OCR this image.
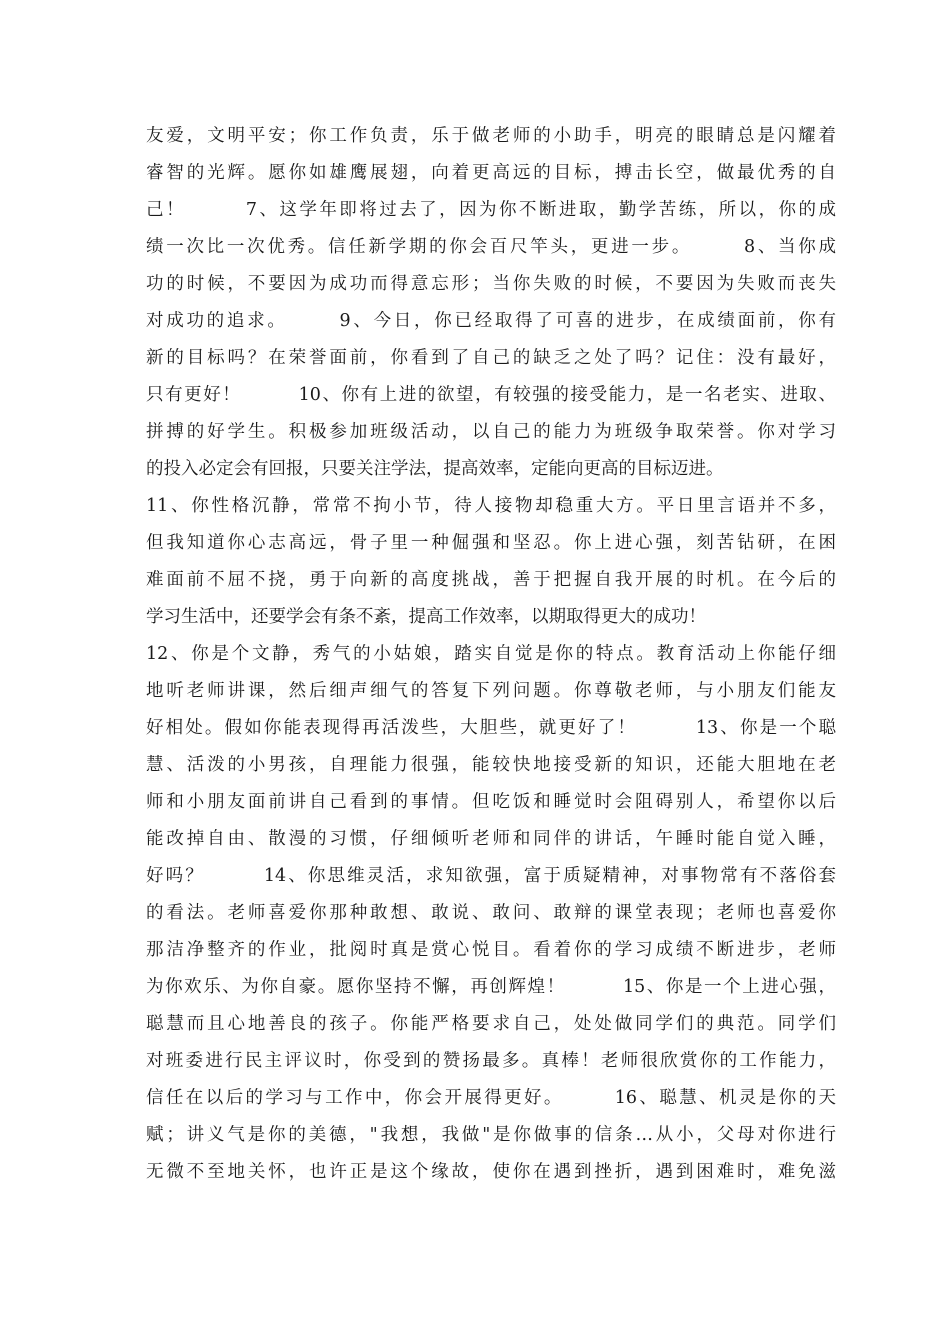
友爱，文明平安；你工作负责，乐于做老师的小助手，明亮的眼睛总是闪耀着
睿智的光辉。愿你如雄鹰展翅，向着更高远的目标，搏击长空，做最优秀的自
己！　　　7、这学年即将过去了，因为你不断进取，勤学苦练，所以，你的成
绩一次比一次优秀。信任新学期的你会百尺竿头，更进一步。　　　8、当你成
功的时候，不要因为成功而得意忘形；当你失败的时候，不要因为失败而丧失
对成功的追求。　　　9、今日，你已经取得了可喜的进步，在成绩面前，你有
新的目标吗？在荣誉面前，你看到了自己的缺乏之处了吗？记住：没有最好，
只有更好！　　　10、你有上进的欲望，有较强的接受能力，是一名老实、进取、
拼搏的好学生。积极参加班级活动，以自己的能力为班级争取荣誉。你对学习
的投入必定会有回报，只要关注学法，提高效率，定能向更高的目标迈进。
11、你性格沉静，常常不拘小节，待人接物却稳重大方。平日里言语并不多，
但我知道你心志高远，骨子里一种倔强和坚忍。你上进心强，刻苦钻研，在困
难面前不屈不挠，勇于向新的高度挑战，善于把握自我开展的时机。在今后的
学习生活中，还要学会有条不紊，提高工作效率，以期取得更大的成功！
12、你是个文静，秀气的小姑娘，踏实自觉是你的特点。教育活动上你能仔细
地听老师讲课，然后细声细气的答复下列问题。你尊敬老师，与小朋友们能友
好相处。假如你能表现得再活泼些，大胆些，就更好了！　　　13、你是一个聪
慧、活泼的小男孩，自理能力很强，能较快地接受新的知识，还能大胆地在老
师和小朋友面前讲自己看到的事情。但吃饭和睡觉时会阻碍别人，希望你以后
能改掉自由、散漫的习惯，仔细倾听老师和同伴的讲话，午睡时能自觉入睡，
好吗？　　　14、你思维灵活，求知欲强，富于质疑精神，对事物常有不落俗套
的看法。老师喜爱你那种敢想、敢说、敢问、敢辩的课堂表现；老师也喜爱你
那洁净整齐的作业，批阅时真是赏心悦目。看着你的学习成绩不断进步，老师
为你欢乐、为你自豪。愿你坚持不懈，再创辉煌！　　　15、你是一个上进心强，
聪慧而且心地善良的孩子。你能严格要求自己，处处做同学们的典范。同学们
对班委进行民主评议时，你受到的赞扬最多。真棒！老师很欣赏你的工作能力，
信任在以后的学习与工作中，你会开展得更好。　　　16、聪慧、机灵是你的天
赋；讲义气是你的美德，"我想，我做"是你做事的信条…从小，父母对你进行
无微不至地关怀，也许正是这个缘故，使你在遇到挫折，遇到困难时，难免滋
